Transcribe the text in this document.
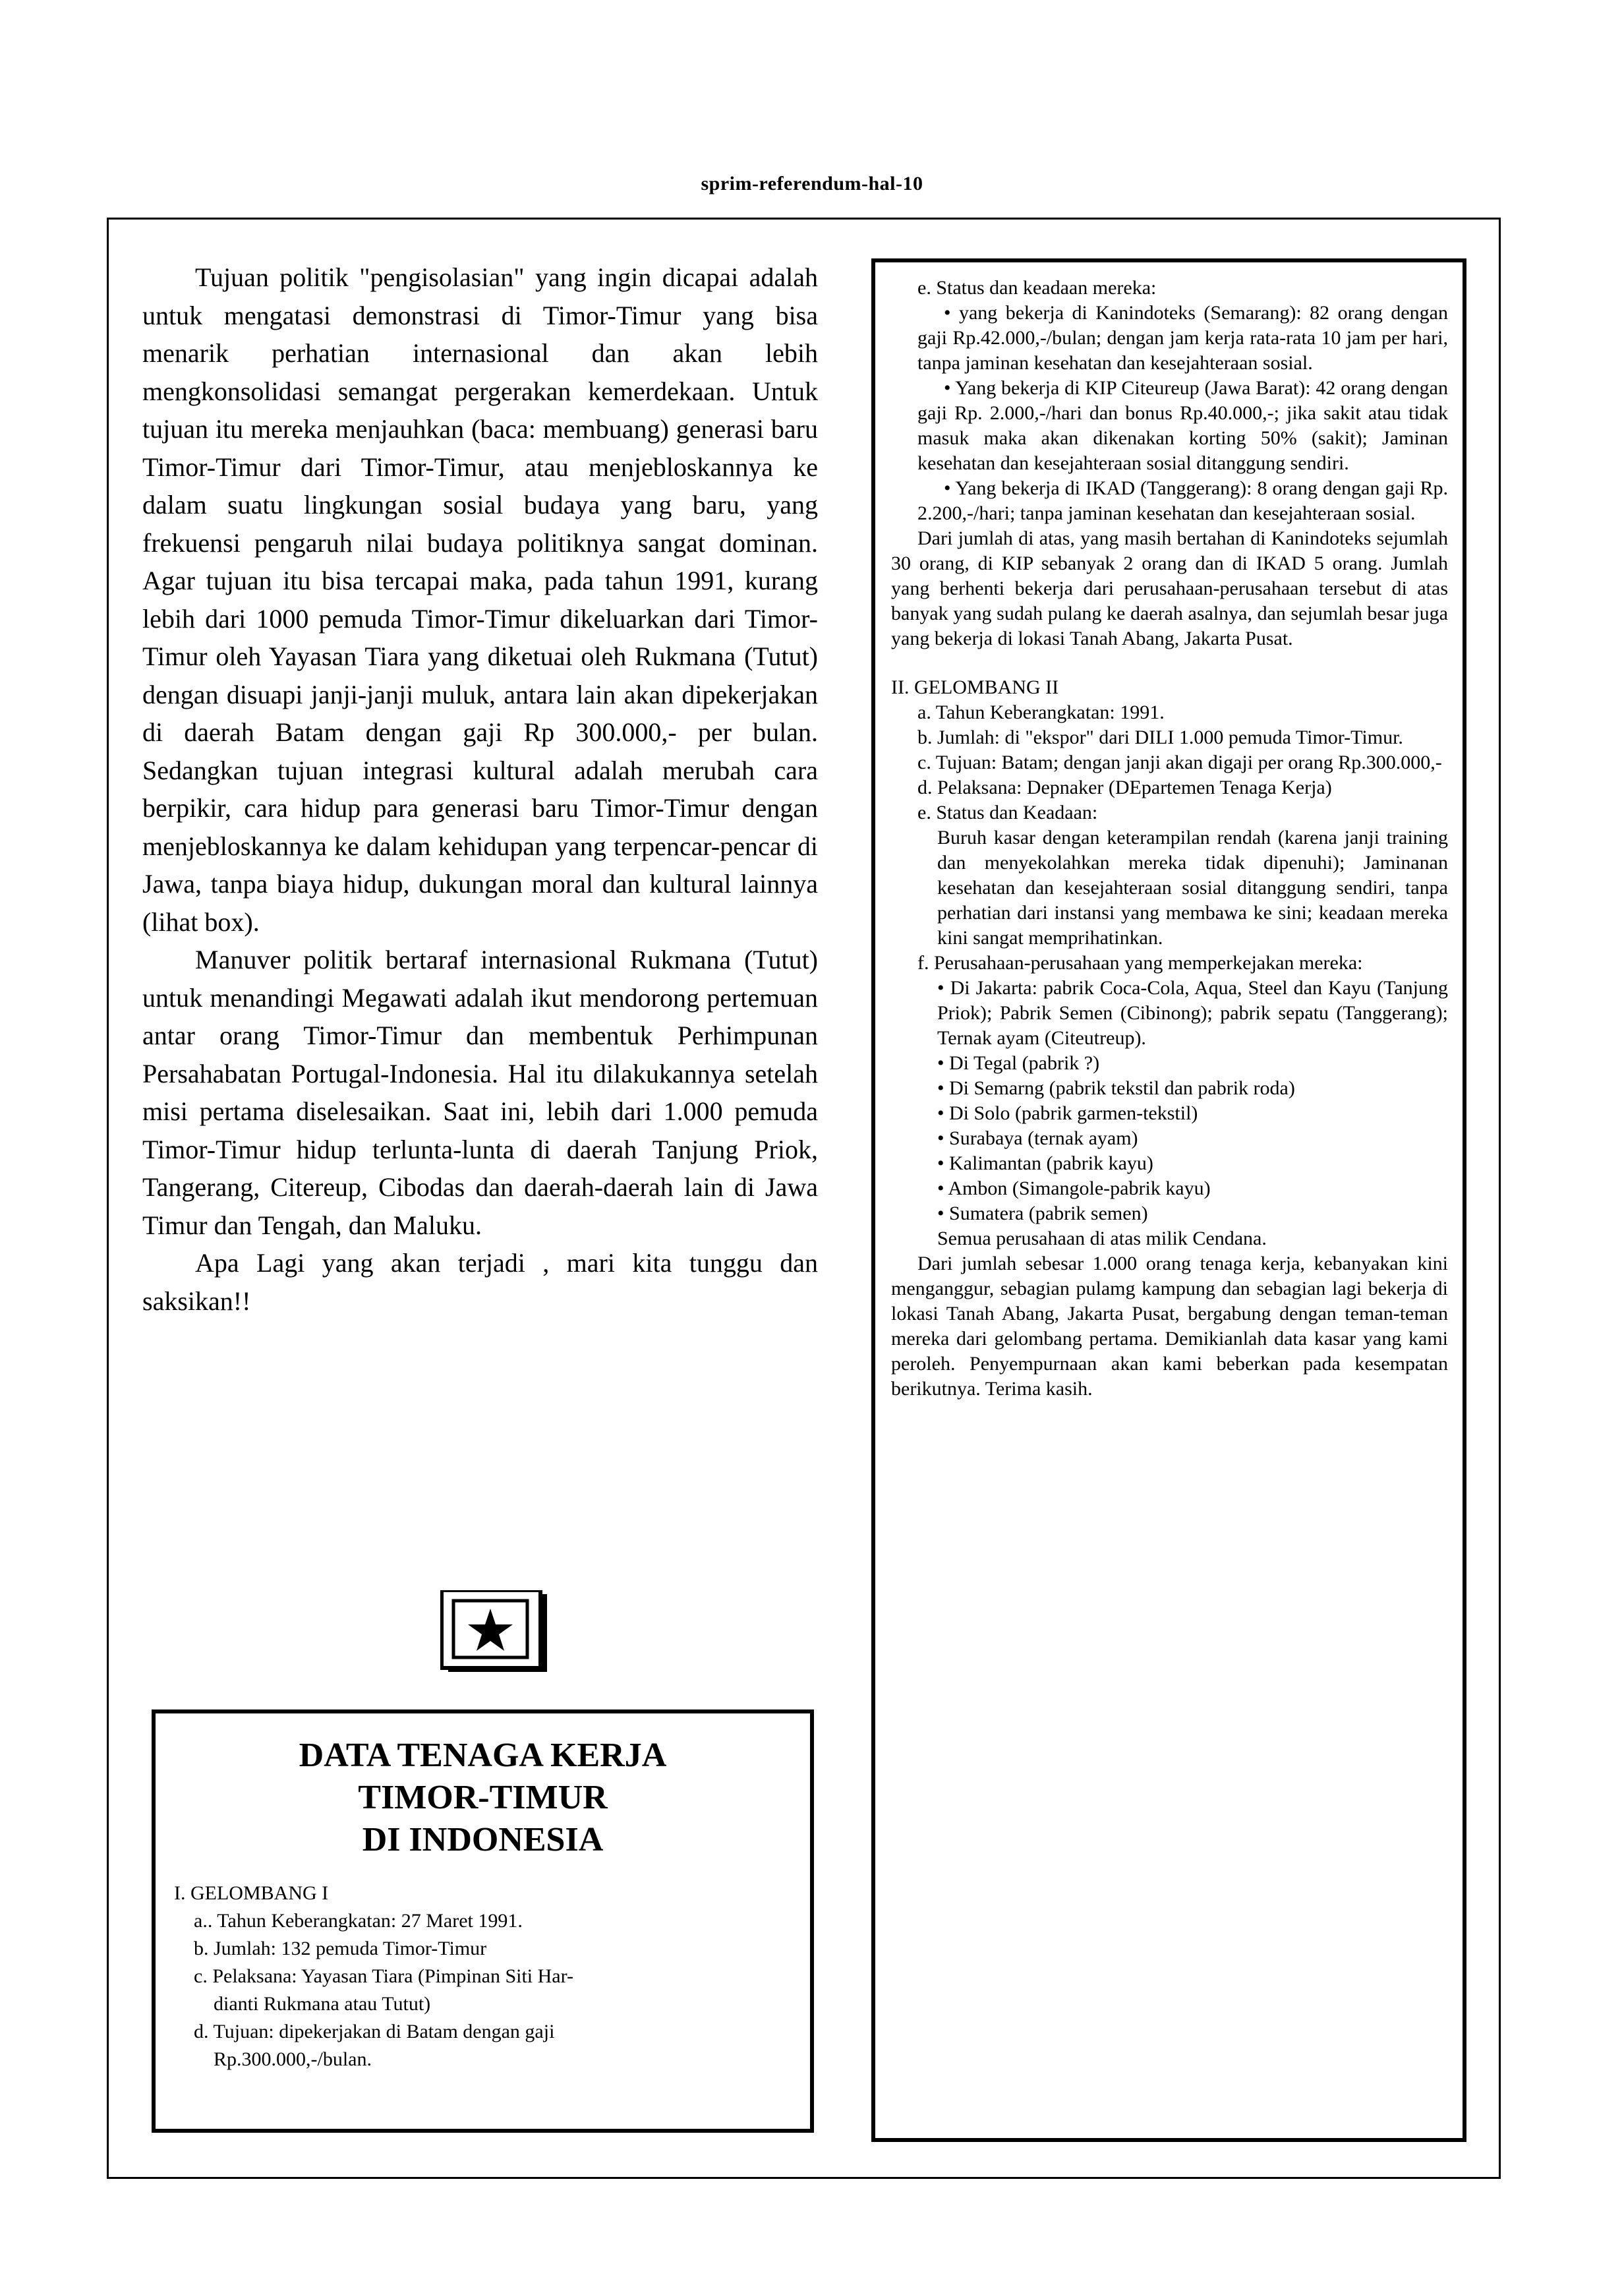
sprim-referendum-hal-10

Tujuan politik "pengisolasian" yang ingin dicapai adalah untuk mengatasi demonstrasi di Timor-Timur yang bisa menarik perhatian internasional dan akan lebih mengkonsolidasi semangat pergerakan kemerdekaan. Untuk tujuan itu mereka menjauhkan (baca: membuang) generasi baru Timor-Timur dari Timor-Timur, atau menjebloskannya ke dalam suatu lingkungan sosial budaya yang baru, yang frekuensi pengaruh nilai budaya politiknya sangat dominan. Agar tujuan itu bisa tercapai maka, pada tahun 1991, kurang lebih dari 1000 pemuda Timor-Timur dikeluarkan dari Timor-Timur oleh Yayasan Tiara yang diketuai oleh Rukmana (Tutut) dengan disuapi janji-janji muluk, antara lain akan dipekerjakan di daerah Batam dengan gaji Rp 300.000,- per bulan. Sedangkan tujuan integrasi kultural adalah merubah cara berpikir, cara hidup para generasi baru Timor-Timur dengan menjebloskannya ke dalam kehidupan yang terpencar-pencar di Jawa, tanpa biaya hidup, dukungan moral dan kultural lainnya (lihat box).

Manuver politik bertaraf internasional Rukmana (Tutut) untuk menandingi Megawati adalah ikut mendorong pertemuan antar orang Timor-Timur dan membentuk Perhimpunan Persahabatan Portugal-Indonesia. Hal itu dilakukannya setelah misi pertama diselesaikan. Saat ini, lebih dari 1.000 pemuda Timor-Timur hidup terlunta-lunta di daerah Tanjung Priok, Tangerang, Citereup, Cibodas dan daerah-daerah lain di Jawa Timur dan Tengah, dan Maluku.

Apa Lagi yang akan terjadi , mari kita tunggu dan saksikan!!

DATA TENAGA KERJA
TIMOR-TIMUR
DI INDONESIA
I. GELOMBANG I
a.. Tahun Keberangkatan: 27 Maret 1991.
b. Jumlah: 132 pemuda Timor-Timur
c. Pelaksana: Yayasan Tiara (Pimpinan Siti Har-
dianti Rukmana atau Tutut)
d. Tujuan: dipekerjakan di Batam dengan gaji
Rp.300.000,-/bulan.
e. Status dan keadaan mereka:

• yang bekerja di Kanindoteks (Semarang): 82 orang dengan gaji Rp.42.000,-/bulan; dengan jam kerja rata-rata 10 jam per hari, tanpa jaminan kesehatan dan kesejahteraan sosial.

• Yang bekerja di KIP Citeureup (Jawa Barat): 42 orang dengan gaji Rp. 2.000,-/hari dan bonus Rp.40.000,-; jika sakit atau tidak masuk maka akan dikenakan korting 50% (sakit); Jaminan kesehatan dan kesejahteraan sosial ditanggung sendiri.

• Yang bekerja di IKAD (Tanggerang): 8 orang dengan gaji Rp. 2.200,-/hari; tanpa jaminan kesehatan dan kesejahteraan sosial.

Dari jumlah di atas, yang masih bertahan di Kanindoteks sejumlah 30 orang, di KIP sebanyak 2 orang dan di IKAD 5 orang. Jumlah yang berhenti bekerja dari perusahaan-perusahaan tersebut di atas banyak yang sudah pulang ke daerah asalnya, dan sejumlah besar juga yang bekerja di lokasi Tanah Abang, Jakarta Pusat.

II. GELOMBANG II

a. Tahun Keberangkatan: 1991.

b. Jumlah: di "ekspor" dari DILI 1.000 pemuda Timor-Timur.

c. Tujuan: Batam; dengan janji akan digaji per orang Rp.300.000,-

d. Pelaksana: Depnaker (DEpartemen Tenaga Kerja)

e. Status dan Keadaan:

Buruh kasar dengan keterampilan rendah (karena janji training dan menyekolahkan mereka tidak dipenuhi); Jaminanan kesehatan dan kesejahteraan sosial ditanggung sendiri, tanpa perhatian dari instansi yang membawa ke sini; keadaan mereka kini sangat memprihatinkan.

f. Perusahaan-perusahaan yang memperkejakan mereka:

• Di Jakarta: pabrik Coca-Cola, Aqua, Steel dan Kayu (Tanjung Priok); Pabrik Semen (Cibinong); pabrik sepatu (Tanggerang); Ternak ayam (Citeutreup).

• Di Tegal (pabrik ?)

• Di Semarng (pabrik tekstil dan pabrik roda)

• Di Solo (pabrik garmen-tekstil)

• Surabaya (ternak ayam)

• Kalimantan (pabrik kayu)

• Ambon (Simangole-pabrik kayu)

• Sumatera (pabrik semen)

Semua perusahaan di atas milik Cendana.

Dari jumlah sebesar 1.000 orang tenaga kerja, kebanyakan kini menganggur, sebagian pulamg kampung dan sebagian lagi bekerja di lokasi Tanah Abang, Jakarta Pusat, bergabung dengan teman-teman mereka dari gelombang pertama. Demikianlah data kasar yang kami peroleh. Penyempurnaan akan kami beberkan pada kesempatan berikutnya. Terima kasih.
